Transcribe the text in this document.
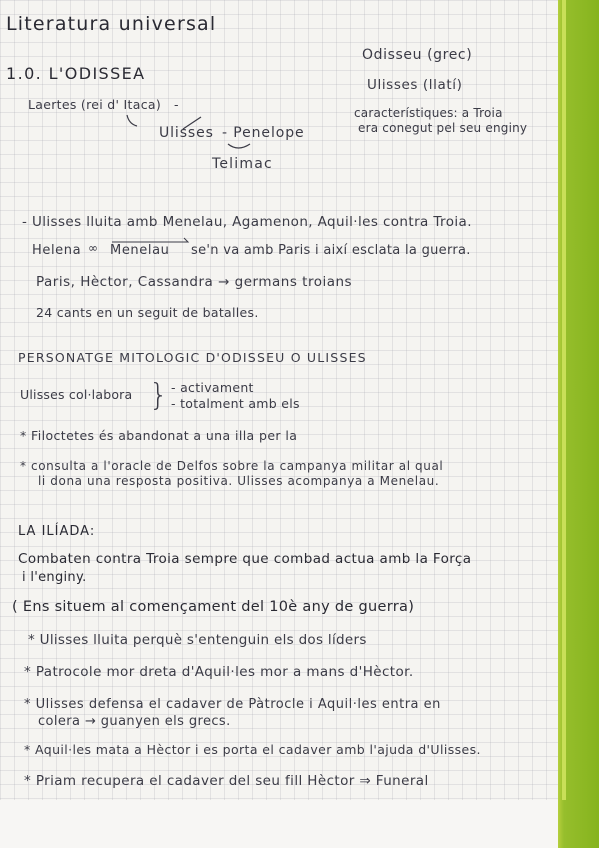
Literatura universal
1.0. L'ODISSEA
Odisseu (grec)
Ulisses (llatí)
característiques: a Troia
era conegut pel seu enginy
Laertes (rei d' Itaca) -
Ulisses - Penelope
Telimac
- Ulisses lluita amb Menelau, Agamenon, Aquil·les contra Troia.
Helena ∞ Menelau se'n va amb Paris i així esclata la guerra.
Paris, Hèctor, Cassandra → germans troians
24 cants en un seguit de batalles.
PERSONATGE MITOLOGIC D'ODISSEU O ULISSES
Ulisses col·labora } - activament
- totalment amb els
* Filoctetes és abandonat a una illa per la
* consulta a l'oracle de Delfos sobre la campanya militar al qual
li dona una resposta positiva. Ulisses acompanya a Menelau.
LA ILÍADA:
Combaten contra Troia sempre que combad actua amb la Força
i l'enginy.
( Ens situem al començament del 10è any de guerra)
* Ulisses lluita perquè s'entenguin els dos líders
* Patrocole mor dreta d'Aquil·les mor a mans d'Hèctor.
* Ulisses defensa el cadaver de Pàtrocle i Aquil·les entra en
colera → guanyen els grecs.
* Aquil·les mata a Hèctor i es porta el cadaver amb l'ajuda d'Ulisses.
* Priam recupera el cadaver del seu fill Hèctor ⇒ Funeral
